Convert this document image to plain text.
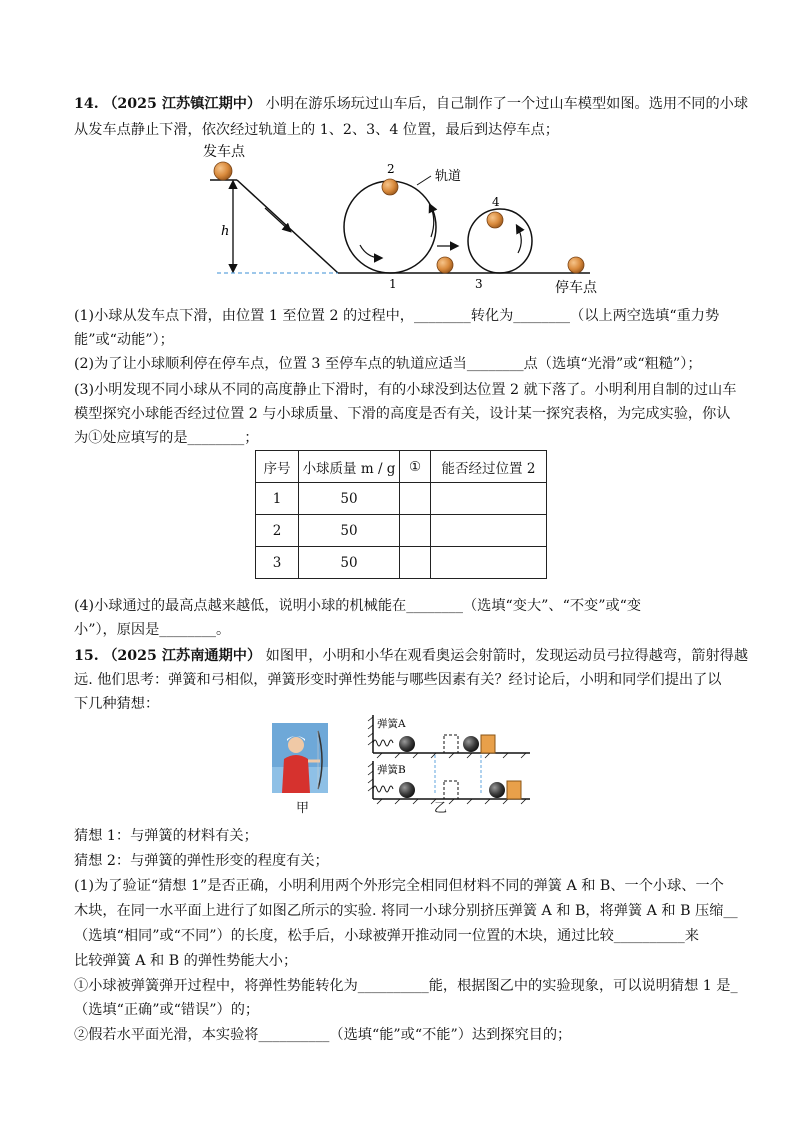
14. （2025 江苏镇江期中） 小明在游乐场玩过山车后，自己制作了一个过山车模型如图。选用不同的小球
从发车点静止下滑，依次经过轨道上的 1、2、3、4 位置，最后到达停车点；
发车点
h
轨道
1
2
3
4
停车点
(1)小球从发车点下滑，由位置 1 至位置 2 的过程中，________转化为________（以上两空选填“重力势
能”或“动能”）；
(2)为了让小球顺利停在停车点，位置 3 至停车点的轨道应适当________点（选填“光滑”或“粗糙”）；
(3)小明发现不同小球从不同的高度静止下滑时，有的小球没到达位置 2 就下落了。小明利用自制的过山车
模型探究小球能否经过位置 2 与小球质量、下滑的高度是否有关，设计某一探究表格，为完成实验，你认
为①处应填写的是________；
序号	小球质量 m / g	①	能否经过位置 2
1	50		
2	50		
3	50		
(4)小球通过的最高点越来越低，说明小球的机械能在________（选填“变大”、“不变”或“变
小”），原因是________。
15. （2025 江苏南通期中） 如图甲，小明和小华在观看奥运会射箭时，发现运动员弓拉得越弯，箭射得越
远. 他们思考：弹簧和弓相似，弹簧形变时弹性势能与哪些因素有关？经讨论后，小明和同学们提出了以
下几种猜想：
甲
弹簧A
弹簧B
乙
猜想 1：与弹簧的材料有关；
猜想 2：与弹簧的弹性形变的程度有关；
(1)为了验证“猜想 1”是否正确，小明利用两个外形完全相同但材料不同的弹簧 A 和 B、一个小球、一个
木块，在同一水平面上进行了如图乙所示的实验. 将同一小球分别挤压弹簧 A 和 B，将弹簧 A 和 B 压缩__
（选填“相同”或“不同”）的长度，松手后，小球被弹开推动同一位置的木块，通过比较__________来
比较弹簧 A 和 B 的弹性势能大小；
①小球被弹簧弹开过程中，将弹性势能转化为__________能，根据图乙中的实验现象，可以说明猜想 1 是_
（选填“正确”或“错误”）的；
②假若水平面光滑，本实验将__________（选填“能”或“不能”）达到探究目的；
